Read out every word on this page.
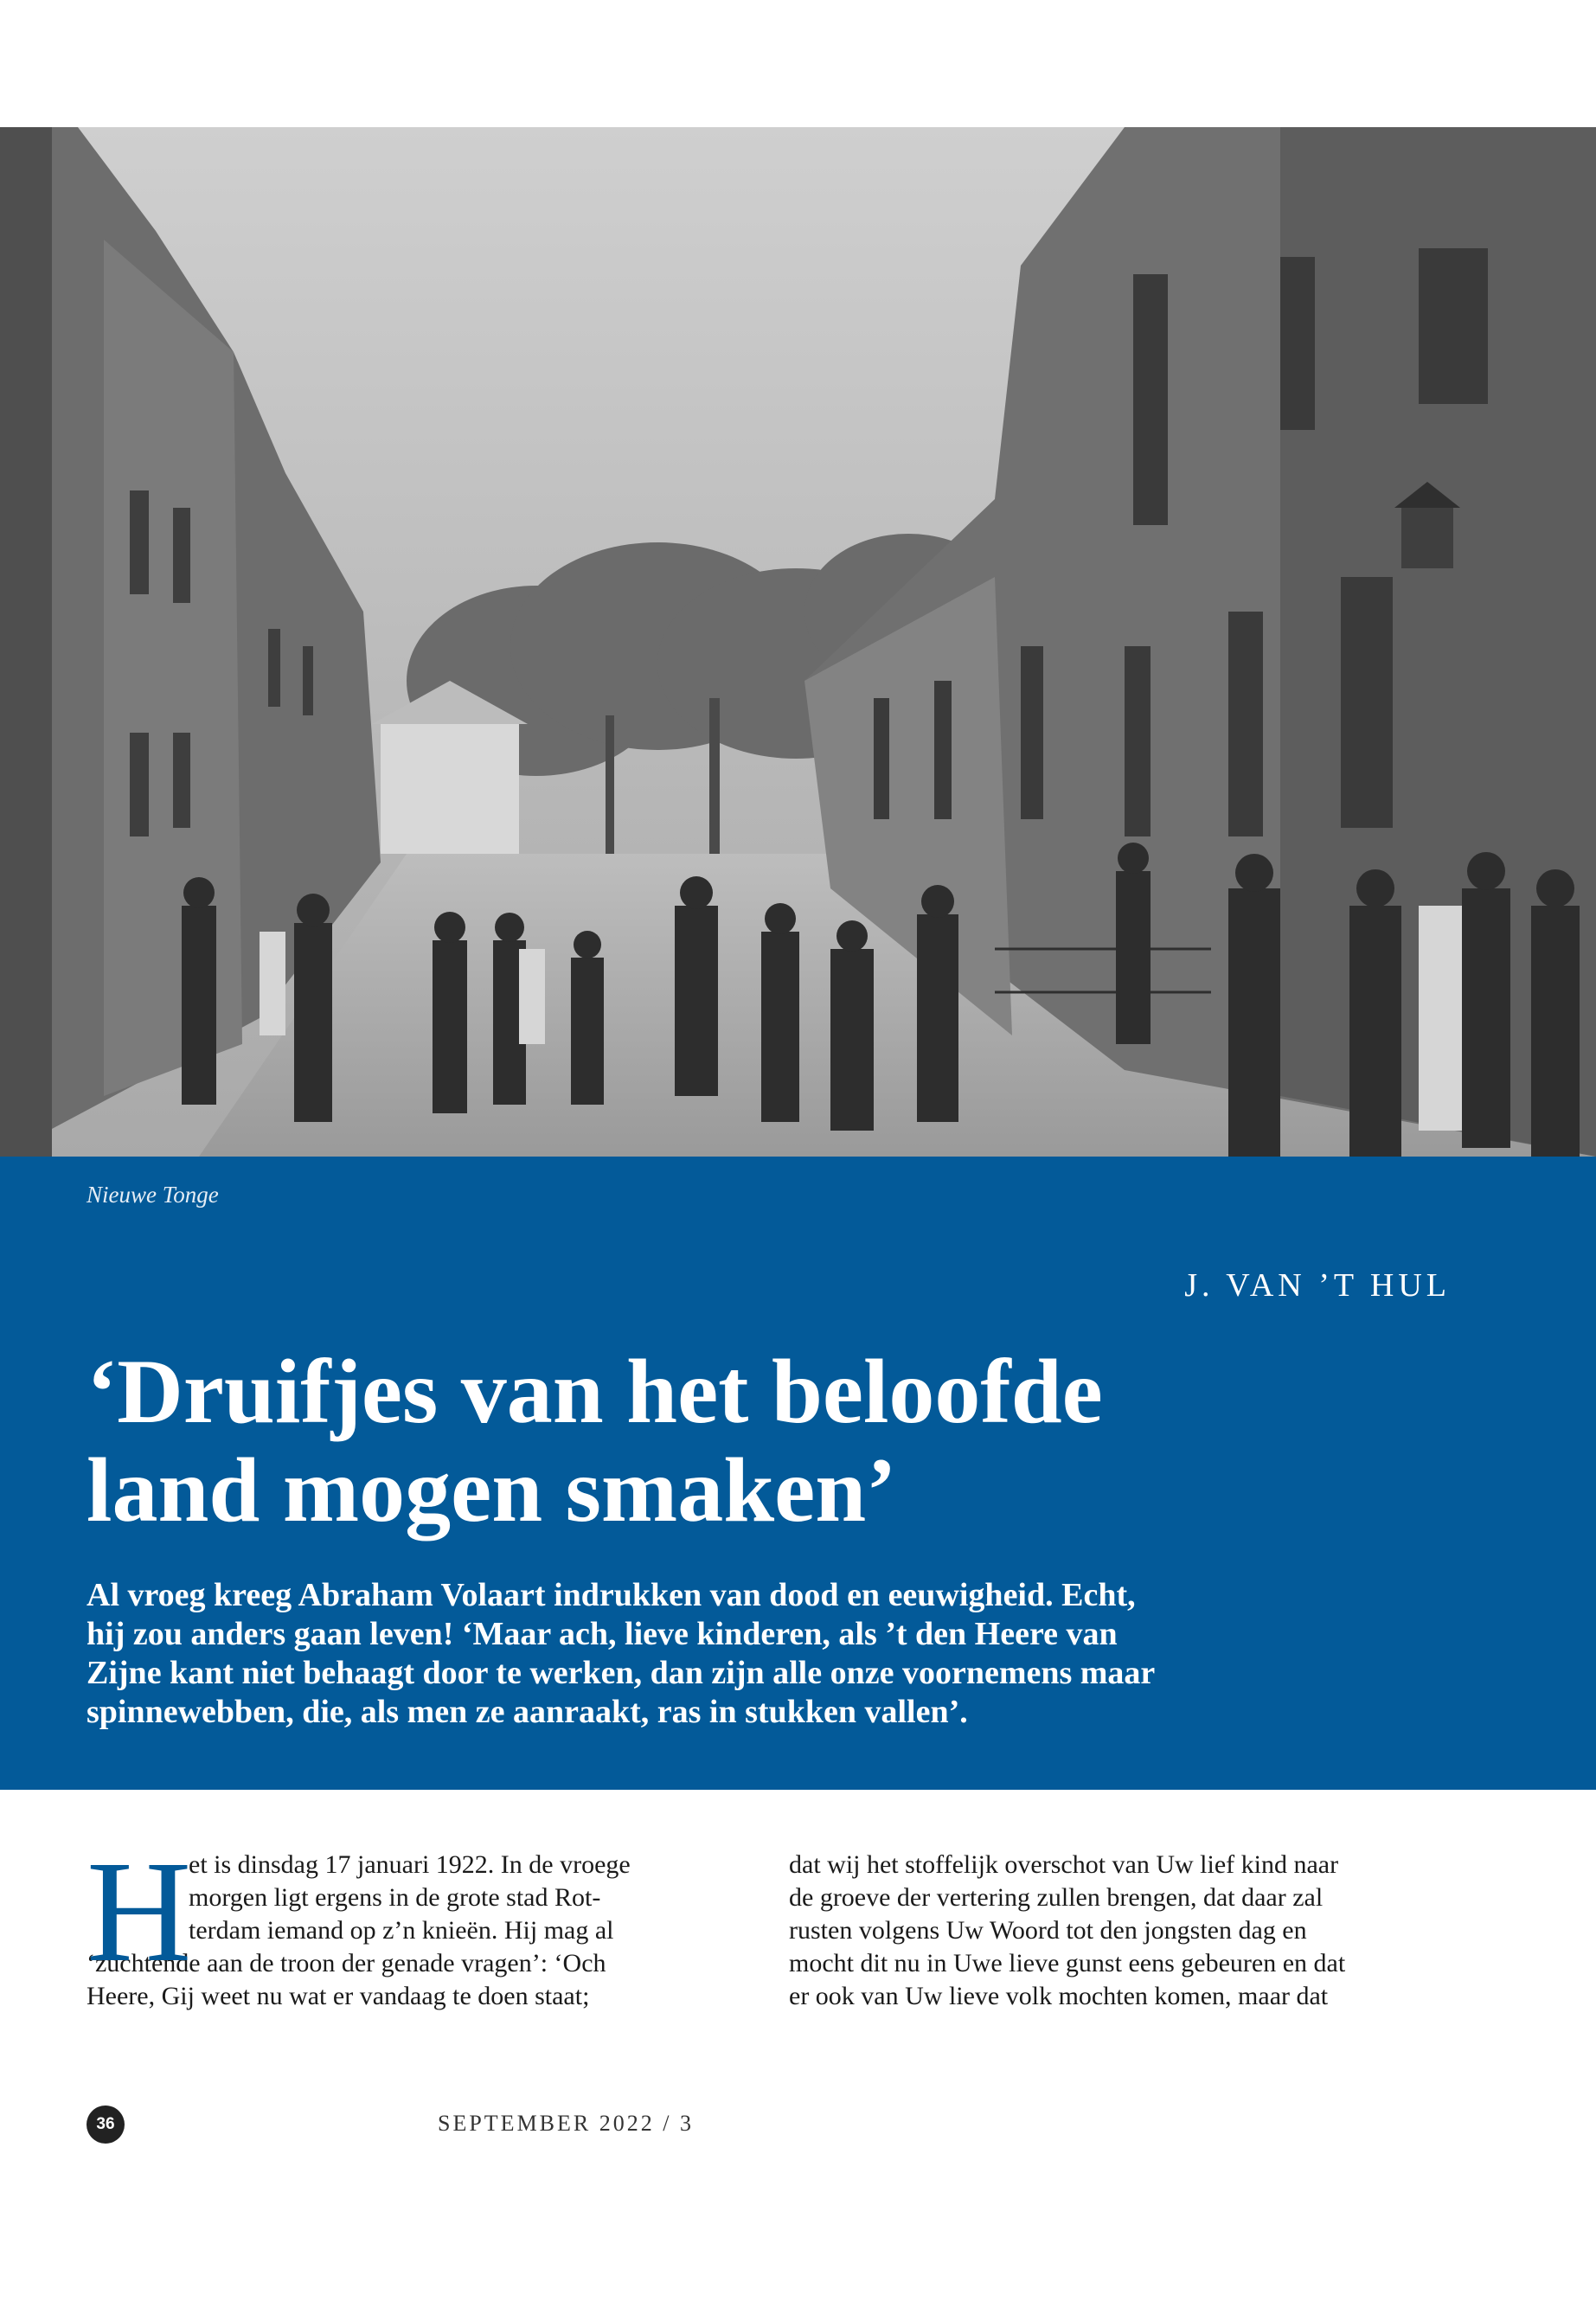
Nieuwe Tonge
J. VAN ’T HUL
‘Druifjes van het beloofde
land mogen smaken’

Al vroeg kreeg Abraham Volaart indrukken van dood en eeuwigheid. Echt,
hij zou anders gaan leven! ‘Maar ach, lieve kinderen, als ’t den Heere van
Zijne kant niet behaagt door te werken, dan zijn alle onze voornemens maar
spinnewebben, die, als men ze aanraakt, ras in stukken vallen’.

H
et is dinsdag 17 januari 1922. In de vroege
morgen ligt ergens in de grote stad Rot-
terdam iemand op z’n knieën. Hij mag al
‘zuchtende aan de troon der genade vragen’: ‘Och
Heere, Gij weet nu wat er vandaag te doen staat;
dat wij het stoffelijk overschot van Uw lief kind naar
de groeve der vertering zullen brengen, dat daar zal
rusten volgens Uw Woord tot den jongsten dag en
mocht dit nu in Uwe lieve gunst eens gebeuren en dat
er ook van Uw lieve volk mochten komen, maar dat
36	SEPTEMBER 2022 / 3
